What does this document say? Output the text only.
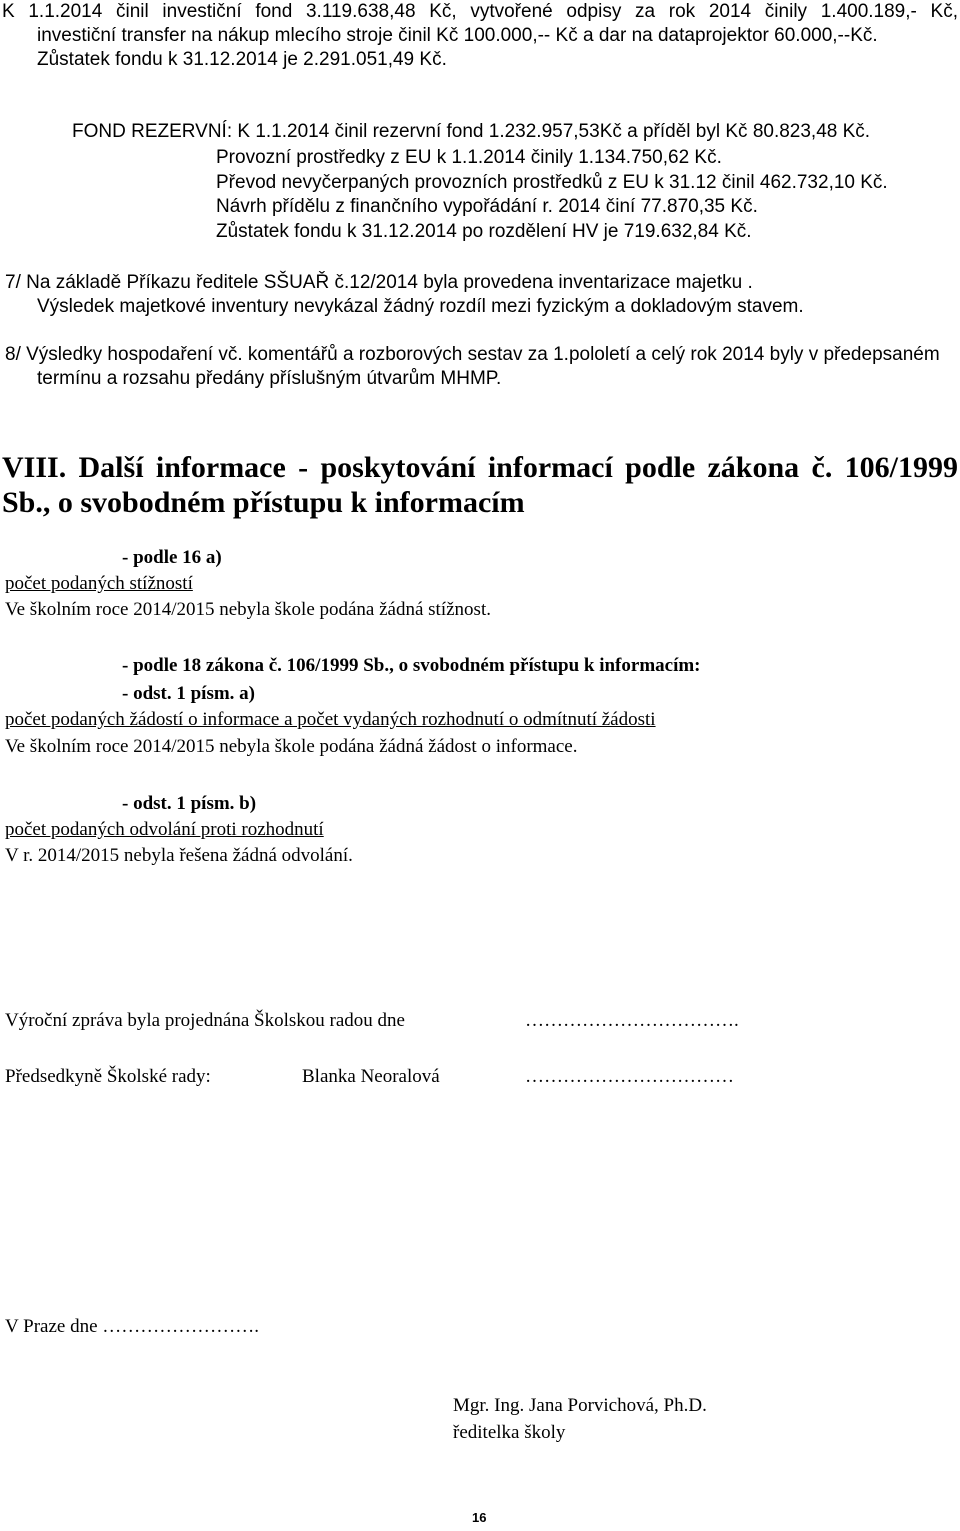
K 1.1.2014 činil investiční fond 3.119.638,48 Kč, vytvořené odpisy za rok 2014 činily 1.400.189,- Kč,
investiční transfer na nákup mlecího stroje činil Kč 100.000,-- Kč a dar na dataprojektor 60.000,--Kč.
Zůstatek fondu k 31.12.2014 je 2.291.051,49 Kč.
FOND REZERVNÍ: K 1.1.2014 činil rezervní fond 1.232.957,53Kč a příděl byl Kč 80.823,48 Kč.
Provozní prostředky z EU k 1.1.2014 činily 1.134.750,62 Kč.
Převod nevyčerpaných provozních prostředků z EU k 31.12 činil 462.732,10 Kč.
Návrh přídělu z finančního vypořádání r. 2014 činí 77.870,35 Kč.
Zůstatek fondu k 31.12.2014 po rozdělení HV je 719.632,84 Kč.
7/ Na základě Příkazu ředitele SŠUAŘ č.12/2014 byla provedena inventarizace majetku .
Výsledek majetkové inventury nevykázal žádný rozdíl mezi fyzickým a dokladovým stavem.
8/ Výsledky hospodaření vč. komentářů a rozborových sestav za 1.pololetí a celý rok 2014 byly v předepsaném
termínu a rozsahu předány příslušným útvarům MHMP.
VIII. Další informace - poskytování informací podle zákona č. 106/1999
Sb., o svobodném přístupu k informacím
- podle 16 a)
počet podaných stížností
Ve školním roce 2014/2015 nebyla škole podána žádná stížnost.
- podle 18 zákona č. 106/1999 Sb., o svobodném přístupu k informacím:
- odst. 1 písm. a)
počet podaných žádostí o informace a počet vydaných rozhodnutí o odmítnutí žádosti
Ve školním roce 2014/2015 nebyla škole podána žádná žádost o informace.
- odst. 1 písm. b)
počet podaných odvolání proti rozhodnutí
V r. 2014/2015 nebyla řešena žádná odvolání.
Výroční zpráva byla projednána Školskou radou dne	…………………………….
Předsedkyně Školské rady:	Blanka Neoralová	……………………………
V Praze dne …………………….
Mgr. Ing. Jana Porvichová, Ph.D.
ředitelka školy
16
